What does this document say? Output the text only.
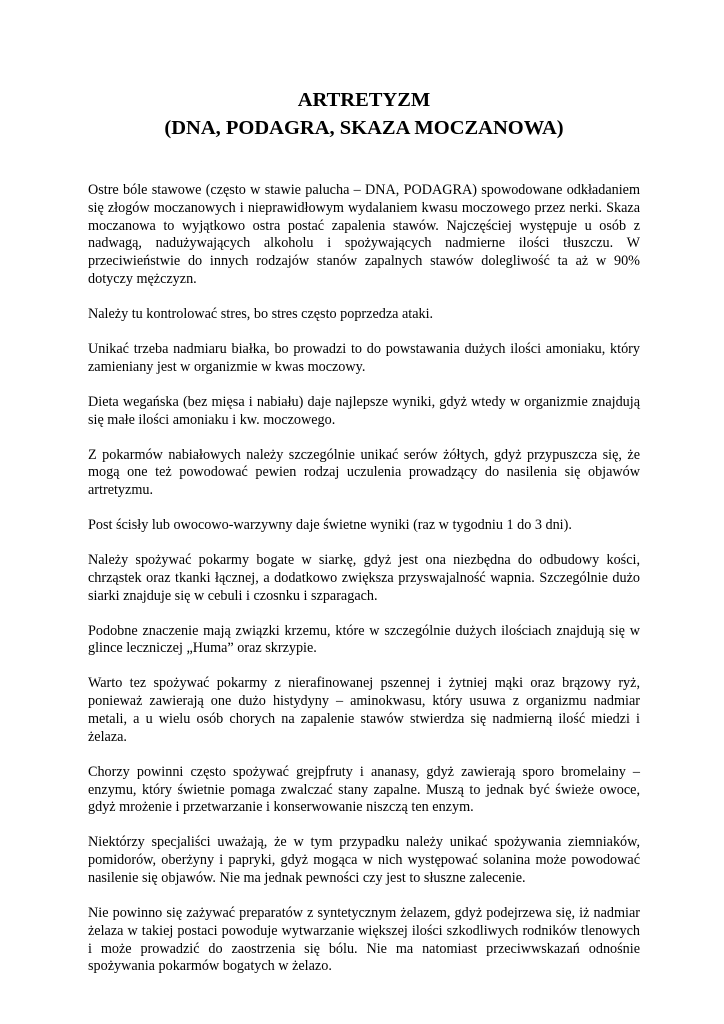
ARTRETYZM
(DNA, PODAGRA, SKAZA MOCZANOWA)

Ostre bóle stawowe (często w stawie palucha – DNA, PODAGRA) spowodowane odkładaniem się złogów moczanowych i nieprawidłowym wydalaniem kwasu moczowego przez nerki. Skaza moczanowa to wyjątkowo ostra postać zapalenia stawów. Najczęściej występuje u osób z nadwagą, nadużywających alkoholu i spożywających nadmierne ilości tłuszczu. W przeciwieństwie do innych rodzajów stanów zapalnych stawów dolegliwość ta aż w 90% dotyczy mężczyzn.

Należy tu kontrolować stres, bo stres często poprzedza ataki.

Unikać trzeba nadmiaru białka, bo prowadzi to do powstawania dużych ilości amoniaku, który zamieniany jest w organizmie w kwas moczowy.

Dieta wegańska (bez mięsa i nabiału) daje najlepsze wyniki, gdyż wtedy w organizmie znajdują się małe ilości amoniaku i kw. moczowego.

Z pokarmów nabiałowych należy szczególnie unikać serów żółtych, gdyż przypuszcza się, że mogą one też powodować pewien rodzaj uczulenia prowadzący do nasilenia się objawów artretyzmu.

Post ścisły lub owocowo-warzywny daje świetne wyniki (raz w tygodniu 1 do 3 dni).

Należy spożywać pokarmy bogate w siarkę, gdyż jest ona niezbędna do odbudowy kości, chrząstek oraz tkanki łącznej, a dodatkowo zwiększa przyswajalność wapnia. Szczególnie dużo siarki znajduje się w cebuli i czosnku i szparagach.

Podobne znaczenie mają związki krzemu, które w szczególnie dużych ilościach znajdują się w glince leczniczej „Huma” oraz skrzypie.

Warto tez spożywać pokarmy z nierafinowanej pszennej i żytniej mąki oraz brązowy ryż, ponieważ zawierają one dużo histydyny – aminokwasu, który usuwa z organizmu nadmiar metali, a u wielu osób chorych na zapalenie stawów stwierdza się nadmierną ilość miedzi i żelaza.

Chorzy powinni często spożywać grejpfruty i ananasy, gdyż zawierają sporo bromelainy – enzymu, który świetnie pomaga zwalczać stany zapalne. Muszą to jednak być świeże owoce, gdyż mrożenie i przetwarzanie i konserwowanie niszczą ten enzym.

Niektórzy specjaliści uważają, że w tym przypadku należy unikać spożywania ziemniaków, pomidorów, oberżyny i papryki, gdyż mogąca w nich występować solanina może powodować nasilenie się objawów. Nie ma jednak pewności czy jest to słuszne zalecenie.

Nie powinno się zażywać preparatów z syntetycznym żelazem, gdyż podejrzewa się, iż nadmiar żelaza w takiej postaci powoduje wytwarzanie większej ilości szkodliwych rodników tlenowych i może prowadzić do zaostrzenia się bólu. Nie ma natomiast przeciwwskazań odnośnie spożywania pokarmów bogatych w żelazo.
